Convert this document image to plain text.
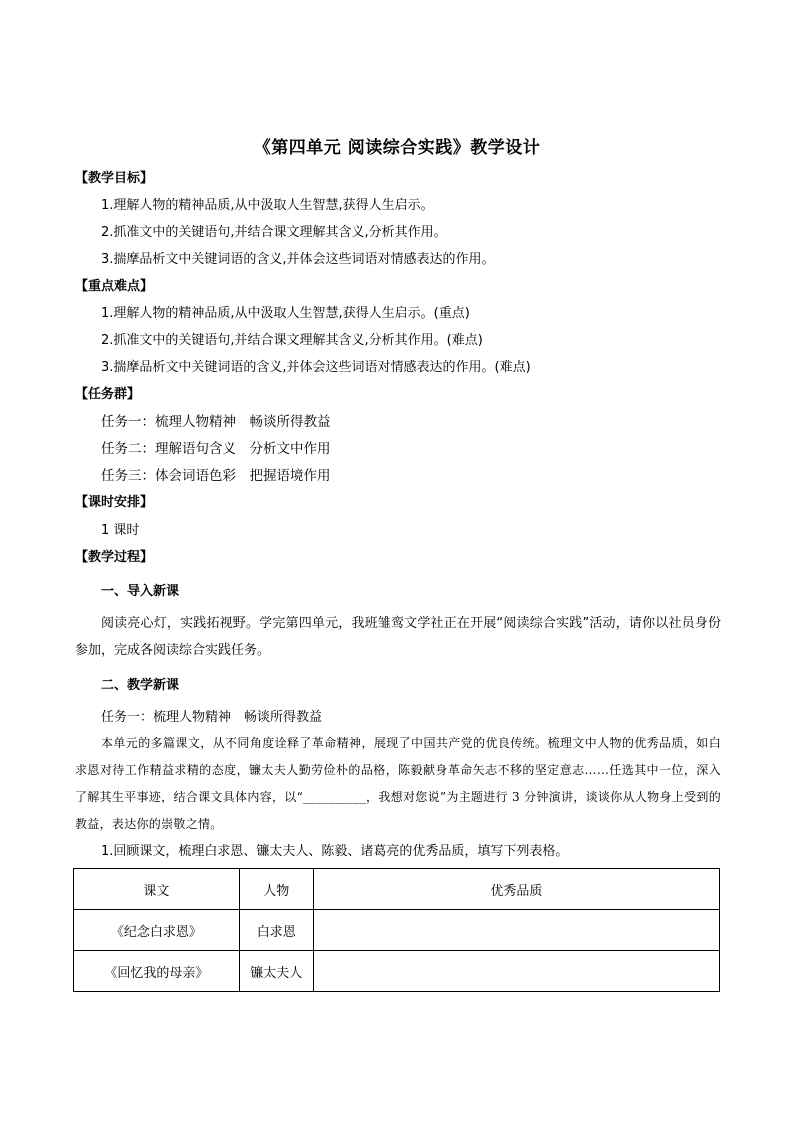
《第四单元 阅读综合实践》教学设计
【教学目标】
1.理解人物的精神品质,从中汲取人生智慧,获得人生启示。
2.抓准文中的关键语句,并结合课文理解其含义,分析其作用。
3.揣摩品析文中关键词语的含义,并体会这些词语对情感表达的作用。
【重点难点】
1.理解人物的精神品质,从中汲取人生智慧,获得人生启示。(重点)
2.抓准文中的关键语句,并结合课文理解其含义,分析其作用。(难点)
3.揣摩品析文中关键词语的含义,并体会这些词语对情感表达的作用。(难点)
【任务群】
任务一：梳理人物精神　畅谈所得教益
任务二：理解语句含义　分析文中作用
任务三：体会词语色彩　把握语境作用
【课时安排】
1 课时
【教学过程】
一、导入新课
阅读亮心灯，实践拓视野。学完第四单元，我班雏鸾文学社正在开展“阅读综合实践”活动，请你以社员身份参加，完成各阅读综合实践任务。
二、教学新课
任务一：梳理人物精神　畅谈所得教益
本单元的多篇课文，从不同角度诠释了革命精神，展现了中国共产党的优良传统。梳理文中人物的优秀品质，如白求恩对待工作精益求精的态度，镰太夫人勤劳俭朴的品格，陈毅献身革命矢志不移的坚定意志……任选其中一位，深入了解其生平事迹，结合课文具体内容，以“__________，我想对您说”为主题进行 3 分钟演讲，谈谈你从人物身上受到的教益，表达你的崇敬之情。
1.回顾课文，梳理白求恩、镰太夫人、陈毅、诸葛亮的优秀品质，填写下列表格。
课文	人物	优秀品质
《纪念白求恩》	白求恩	
《回忆我的母亲》	镰太夫人	
